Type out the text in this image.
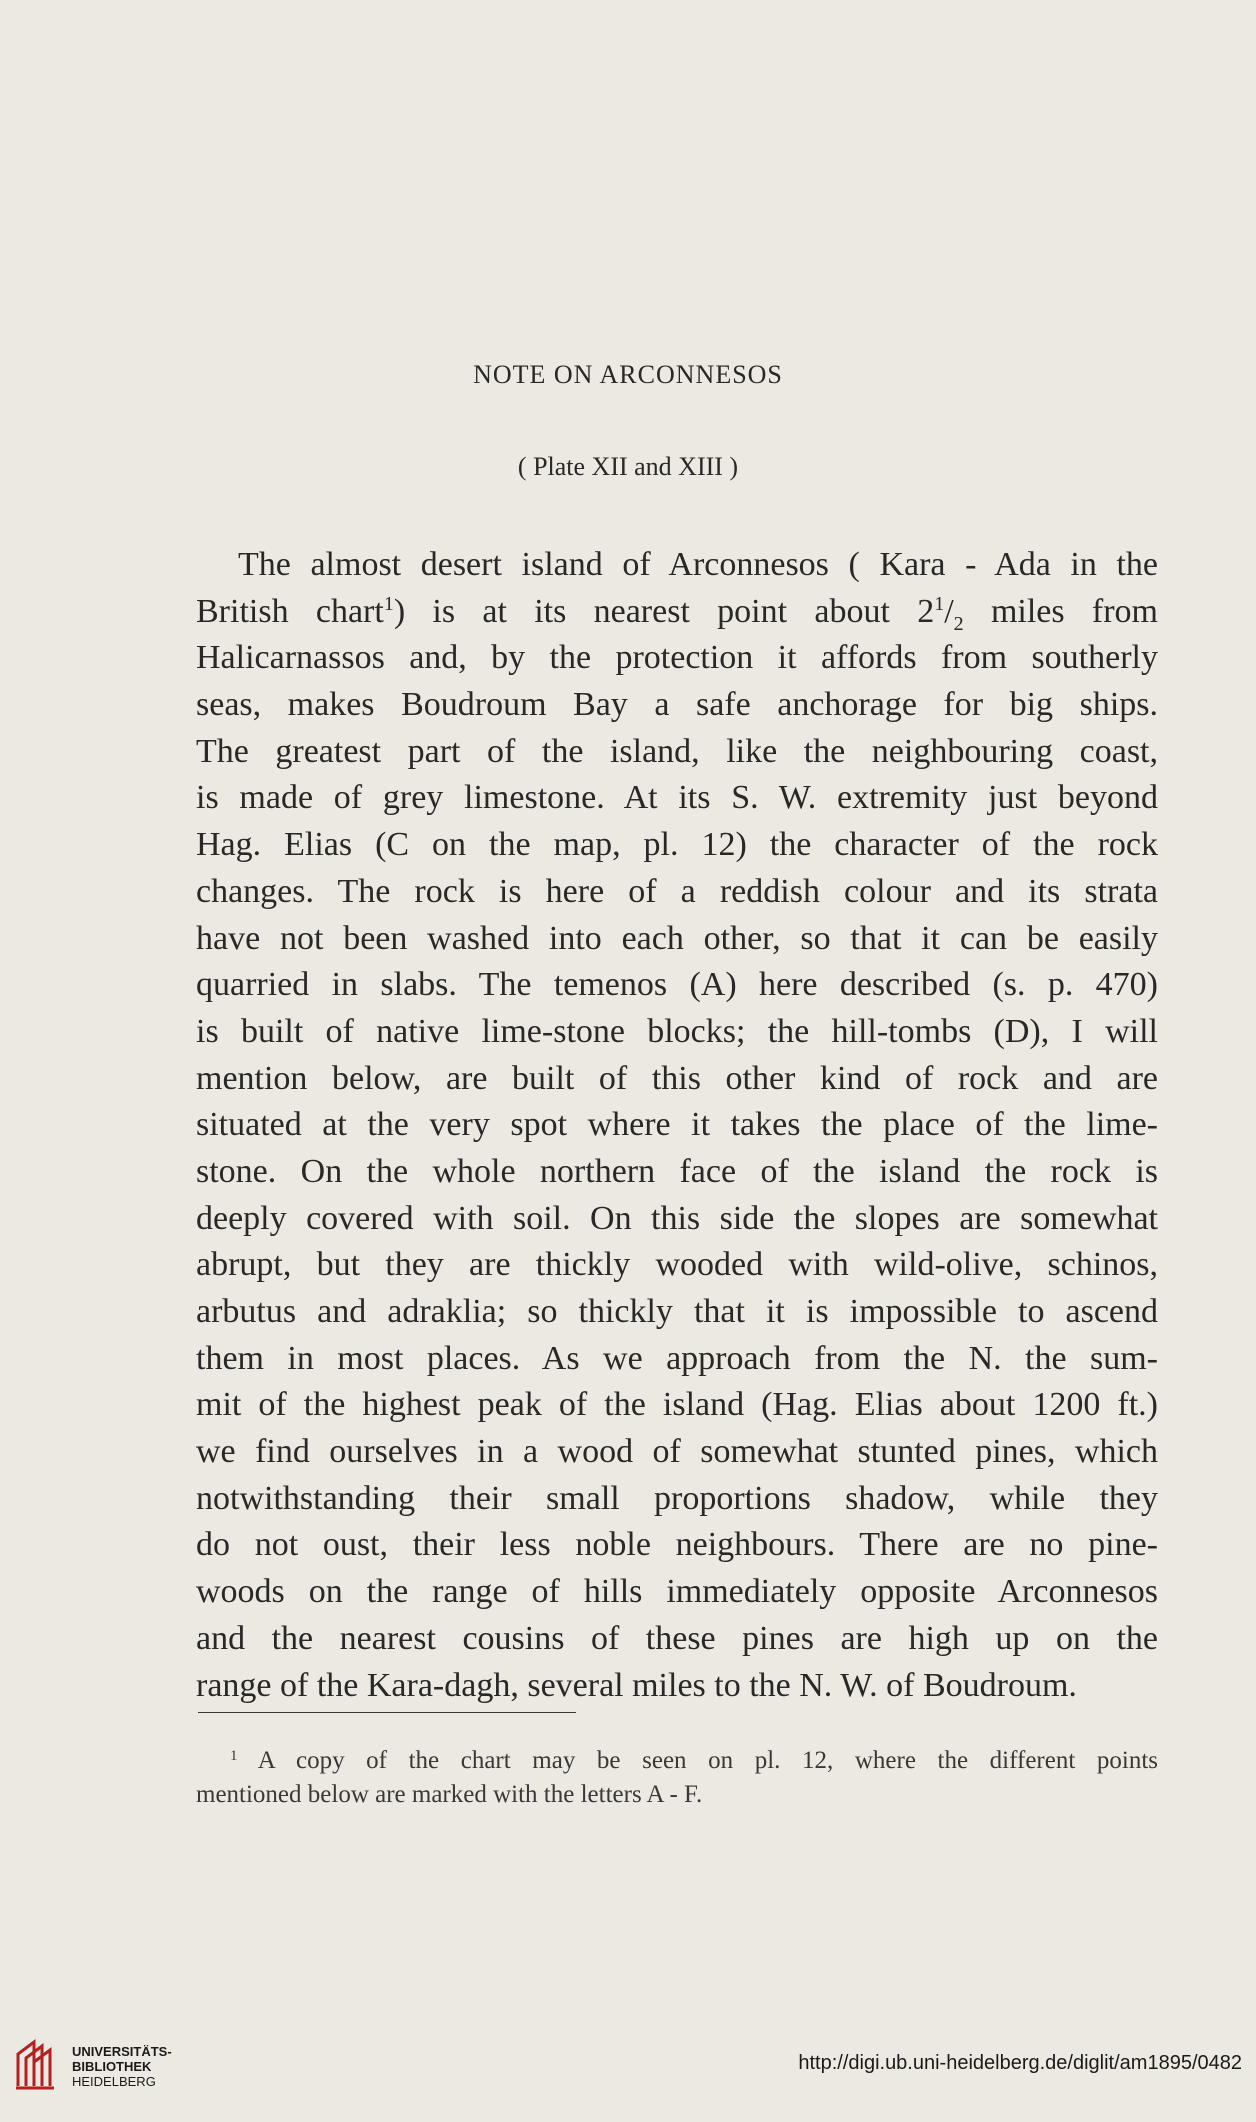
NOTE ON ARCONNESOS
( Plate XII and XIII )
The almost desert island of Arconnesos ( Kara - Ada in the
British chart$^1$) is at its nearest point about $2^1/_2$ miles from
Halicarnassos and, by the protection it affords from southerly
seas, makes Boudroum Bay a safe anchorage for big ships.
The greatest part of the island, like the neighbouring coast,
is made of grey limestone. At its S. W. extremity just beyond
Hag. Elias (C on the map, pl. 12) the character of the rock
changes. The rock is here of a reddish colour and its strata
have not been washed into each other, so that it can be easily
quarried in slabs. The temenos (A) here described (s. p. 470)
is built of native lime-stone blocks; the hill-tombs (D), I will
mention below, are built of this other kind of rock and are
situated at the very spot where it takes the place of the lime-
stone. On the whole northern face of the island the rock is
deeply covered with soil. On this side the slopes are somewhat
abrupt, but they are thickly wooded with wild-olive, schinos,
arbutus and adraklia; so thickly that it is impossible to ascend
them in most places. As we approach from the N. the sum-
mit of the highest peak of the island (Hag. Elias about 1200 ft.)
we find ourselves in a wood of somewhat stunted pines, which
notwithstanding their small proportions shadow, while they
do not oust, their less noble neighbours. There are no pine-
woods on the range of hills immediately opposite Arconnesos
and the nearest cousins of these pines are high up on the
range of the Kara-dagh, several miles to the N. W. of Boudroum.
$^1$ A copy of the chart may be seen on pl. 12, where the different points
mentioned below are marked with the letters A - F.
UNIVERSITÄTS-
BIBLIOTHEK
HEIDELBERG
http://digi.ub.uni-heidelberg.de/diglit/am1895/0482
